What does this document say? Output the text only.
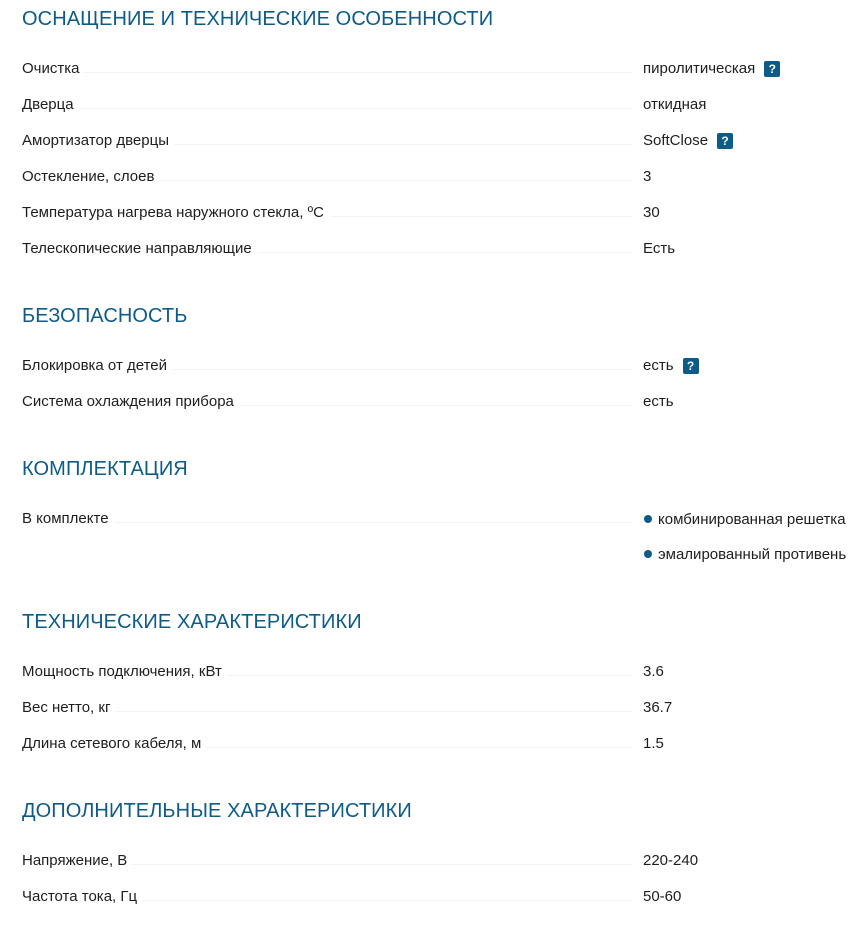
ОСНАЩЕНИЕ И ТЕХНИЧЕСКИЕ ОСОБЕННОСТИ
Очистка	пиролитическая	?
Дверца	откидная
Амортизатор дверцы	SoftClose	?
Остекление, слоев	3
Температура нагрева наружного стекла, ºC	30
Телескопические направляющие	Есть
БЕЗОПАСНОСТЬ
Блокировка от детей	есть	?
Система охлаждения прибора	есть
КОМПЛЕКТАЦИЯ
В комплекте	комбинированная решетка
эмалированный противень
ТЕХНИЧЕСКИЕ ХАРАКТЕРИСТИКИ
Мощность подключения, кВт	3.6
Вес нетто, кг	36.7
Длина сетевого кабеля, м	1.5
ДОПОЛНИТЕЛЬНЫЕ ХАРАКТЕРИСТИКИ
Напряжение, В	220-240
Частота тока, Гц	50-60
